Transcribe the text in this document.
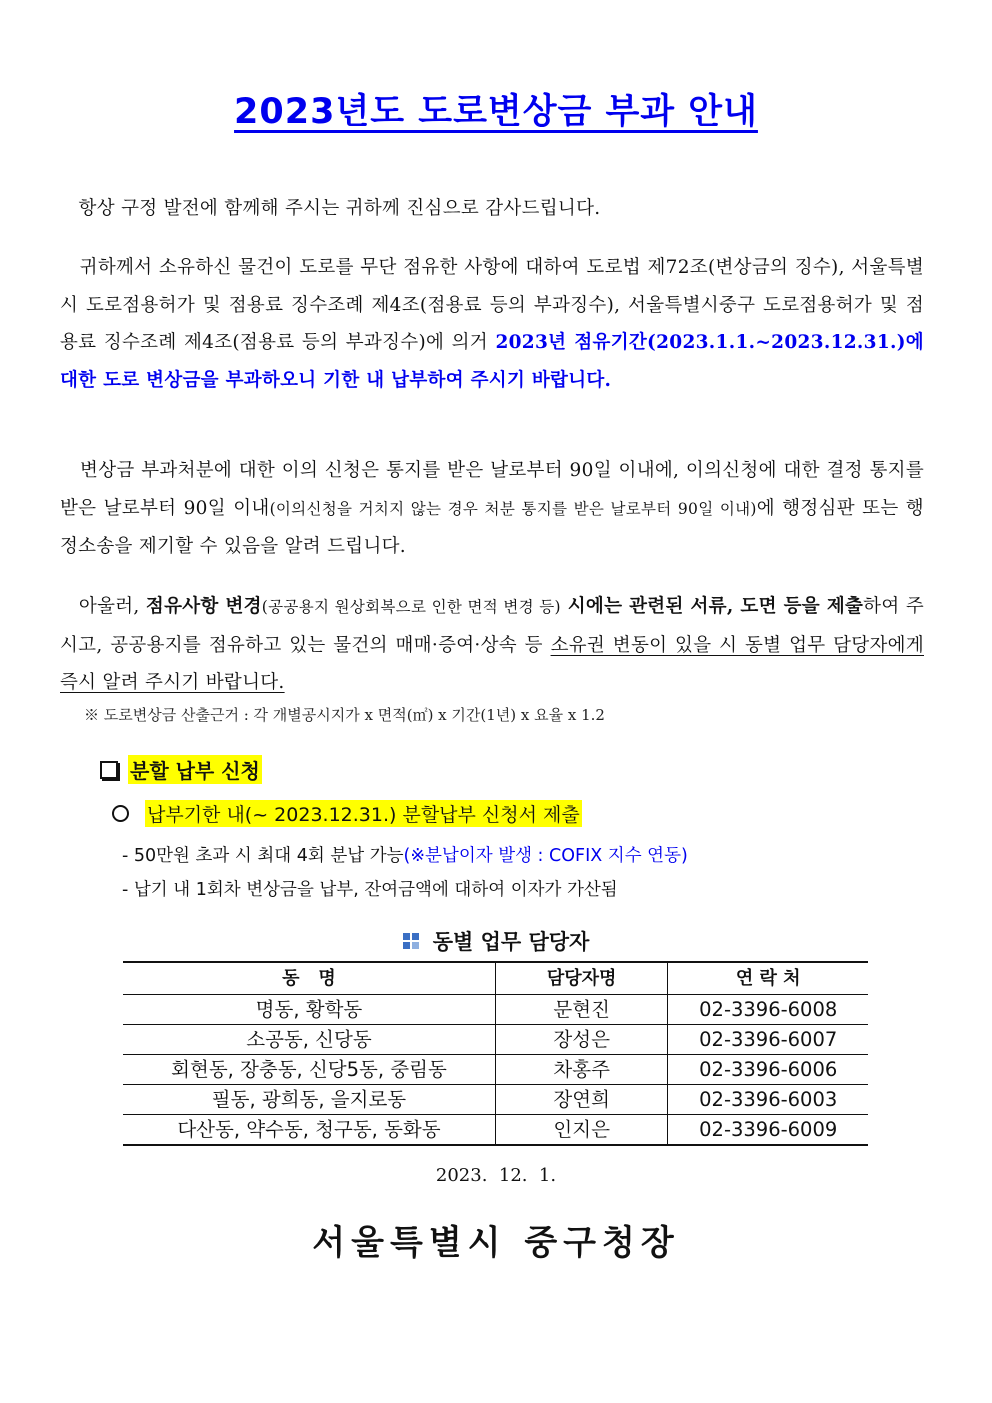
2023년도 도로변상금 부과 안내
항상 구정 발전에 함께해 주시는 귀하께 진심으로 감사드립니다.
귀하께서 소유하신 물건이 도로를 무단 점유한 사항에 대하여 도로법 제72조(변상금의 징수), 서울특별시 도로점용허가 및 점용료 징수조례 제4조(점용료 등의 부과징수), 서울특별시중구 도로점용허가 및 점용료 징수조례 제4조(점용료 등의 부과징수)에 의거 2023년 점유기간(2023.1.1.~2023.12.31.)에 대한 도로 변상금을 부과하오니 기한 내 납부하여 주시기 바랍니다.
변상금 부과처분에 대한 이의 신청은 통지를 받은 날로부터 90일 이내에, 이의신청에 대한 결정 통지를 받은 날로부터 90일 이내(이의신청을 거치지 않는 경우 처분 통지를 받은 날로부터 90일 이내)에 행정심판 또는 행정소송을 제기할 수 있음을 알려 드립니다.
아울러, 점유사항 변경(공공용지 원상회복으로 인한 면적 변경 등) 시에는 관련된 서류, 도면 등을 제출하여 주시고, 공공용지를 점유하고 있는 물건의 매매·증여·상속 등 소유권 변동이 있을 시 동별 업무 담당자에게 즉시 알려 주시기 바랍니다.
※ 도로변상금 산출근거 : 각 개별공시지가 x 면적(㎡) x 기간(1년) x 요율 x 1.2
분할 납부 신청
납부기한 내(~ 2023.12.31.) 분할납부 신청서 제출
- 50만원 초과 시 최대 4회 분납 가능(※분납이자 발생 : COFIX 지수 연동)
- 납기 내 1회차 변상금을 납부, 잔여금액에 대하여 이자가 가산됨
동별 업무 담당자
동   명	담당자명	연 락 처
명동, 황학동	문현진	02-3396-6008
소공동, 신당동	장성은	02-3396-6007
회현동, 장충동, 신당5동, 중림동	차홍주	02-3396-6006
필동, 광희동, 을지로동	장연희	02-3396-6003
다산동, 약수동, 청구동, 동화동	인지은	02-3396-6009
2023.  12.  1.
서울특별시 중구청장
